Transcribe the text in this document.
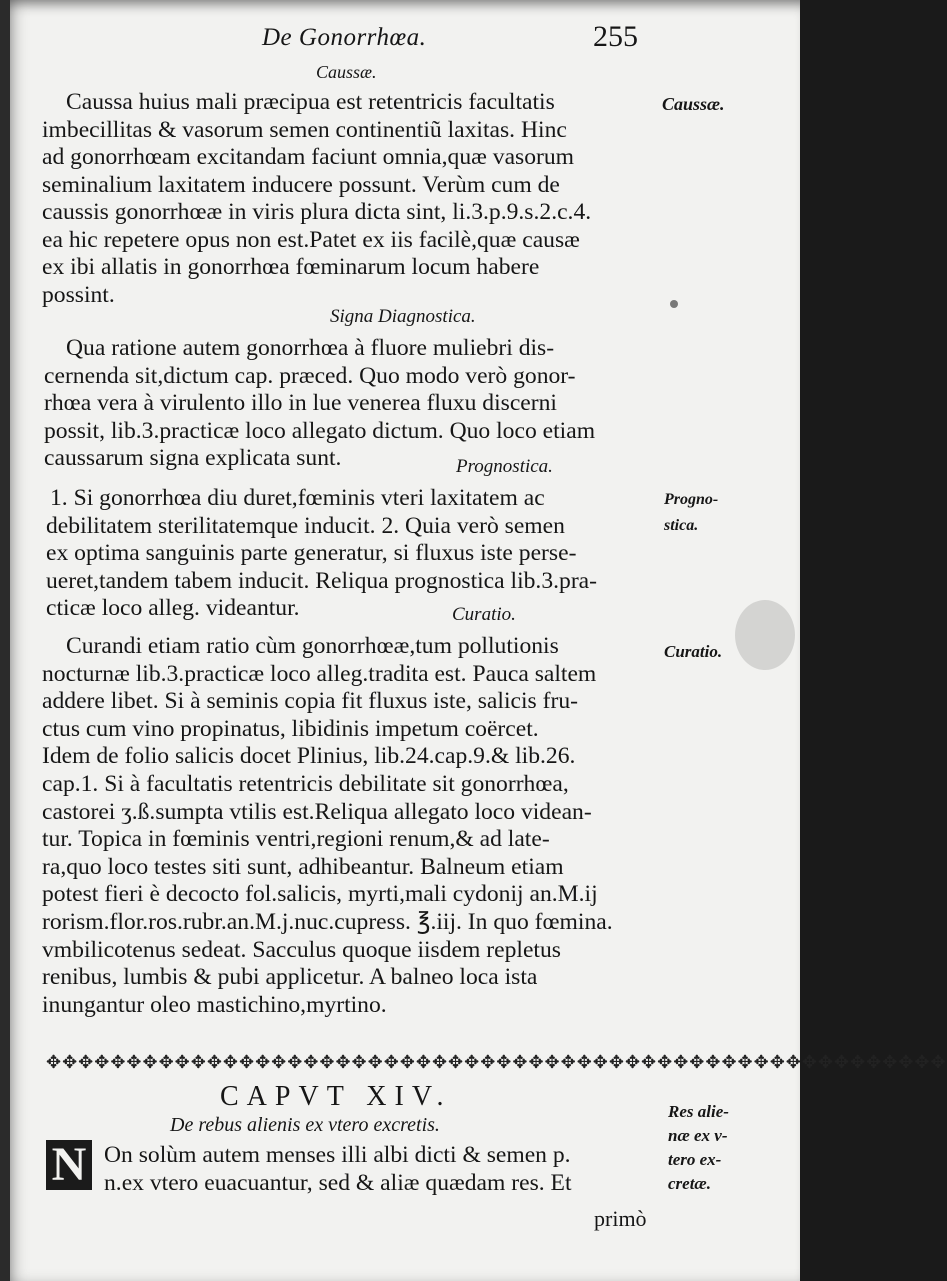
De Gonorrhœa.	255
Caussæ.
Caussa huius mali præcipua est retentricis facultatis
imbecillitas & vasorum semen continentiũ laxitas. Hinc
ad gonorrhœam excitandam faciunt omnia,quæ vasorum
seminalium laxitatem inducere possunt. Verùm cum de
caussis gonorrhœæ in viris plura dicta sint, li.3.p.9.s.2.c.4.
ea hic repetere opus non est.Patet ex iis facilè,quæ causæ
ex ibi allatis in gonorrhœa fœminarum locum habere
possint.
Signa Diagnostica.
Qua ratione autem gonorrhœa à fluore muliebri dis-
cernenda sit,dictum cap. præced. Quo modo verò gonor-
rhœa vera à virulento illo in lue venerea fluxu discerni
possit, lib.3.practicæ loco allegato dictum. Quo loco etiam
caussarum signa explicata sunt.	Prognostica.
1. Si gonorrhœa diu duret,fœminis vteri laxitatem ac
debilitatem sterilitatemque inducit. 2. Quia verò semen
ex optima sanguinis parte generatur, si fluxus iste perse-
ueret,tandem tabem inducit. Reliqua prognostica lib.3.pra-
cticæ loco alleg. videantur.	Curatio.
Curandi etiam ratio cùm gonorrhœæ,tum pollutionis
nocturnæ lib.3.practicæ loco alleg.tradita est. Pauca saltem
addere libet. Si à seminis copia fit fluxus iste, salicis fru-
ctus cum vino propinatus, libidinis impetum coërcet.
Idem de folio salicis docet Plinius, lib.24.cap.9.& lib.26.
cap.1. Si à facultatis retentricis debilitate sit gonorrhœa,
castorei ʒ.ß.sumpta vtilis est.Reliqua allegato loco videan-
tur. Topica in fœminis ventri,regioni renum,& ad late-
ra,quo loco testes siti sunt, adhibeantur. Balneum etiam
potest fieri è decocto fol.salicis, myrti,mali cydonij an.M.ij
rorism.flor.ros.rubr.an.M.j.nuc.cupress. ℥.iij. In quo fœmina.
vmbilicotenus sedeat. Sacculus quoque iisdem repletus
renibus, lumbis & pubi applicetur. A balneo loca ista
inungantur oleo mastichino,myrtino.
✥✥✥✥✥✥✥✥✥✥✥✥✥✥✥✥✥✥✥✥✥✥✥✥✥✥✥✥✥✥✥✥✥✥✥✥✥✥✥✥✥✥✥✥✥✥✥✥✥✥✥✥✥✥✥✥
CAPVT XIV.
De rebus alienis ex vtero excretis.
N On solùm autem menses illi albi dicti & semen p.
n.ex vtero euacuantur, sed & aliæ quædam res. Et
primò
Caussæ.
Progno-
stica.
Curatio.
Res alie-
næ ex v-
tero ex-
cretæ.
